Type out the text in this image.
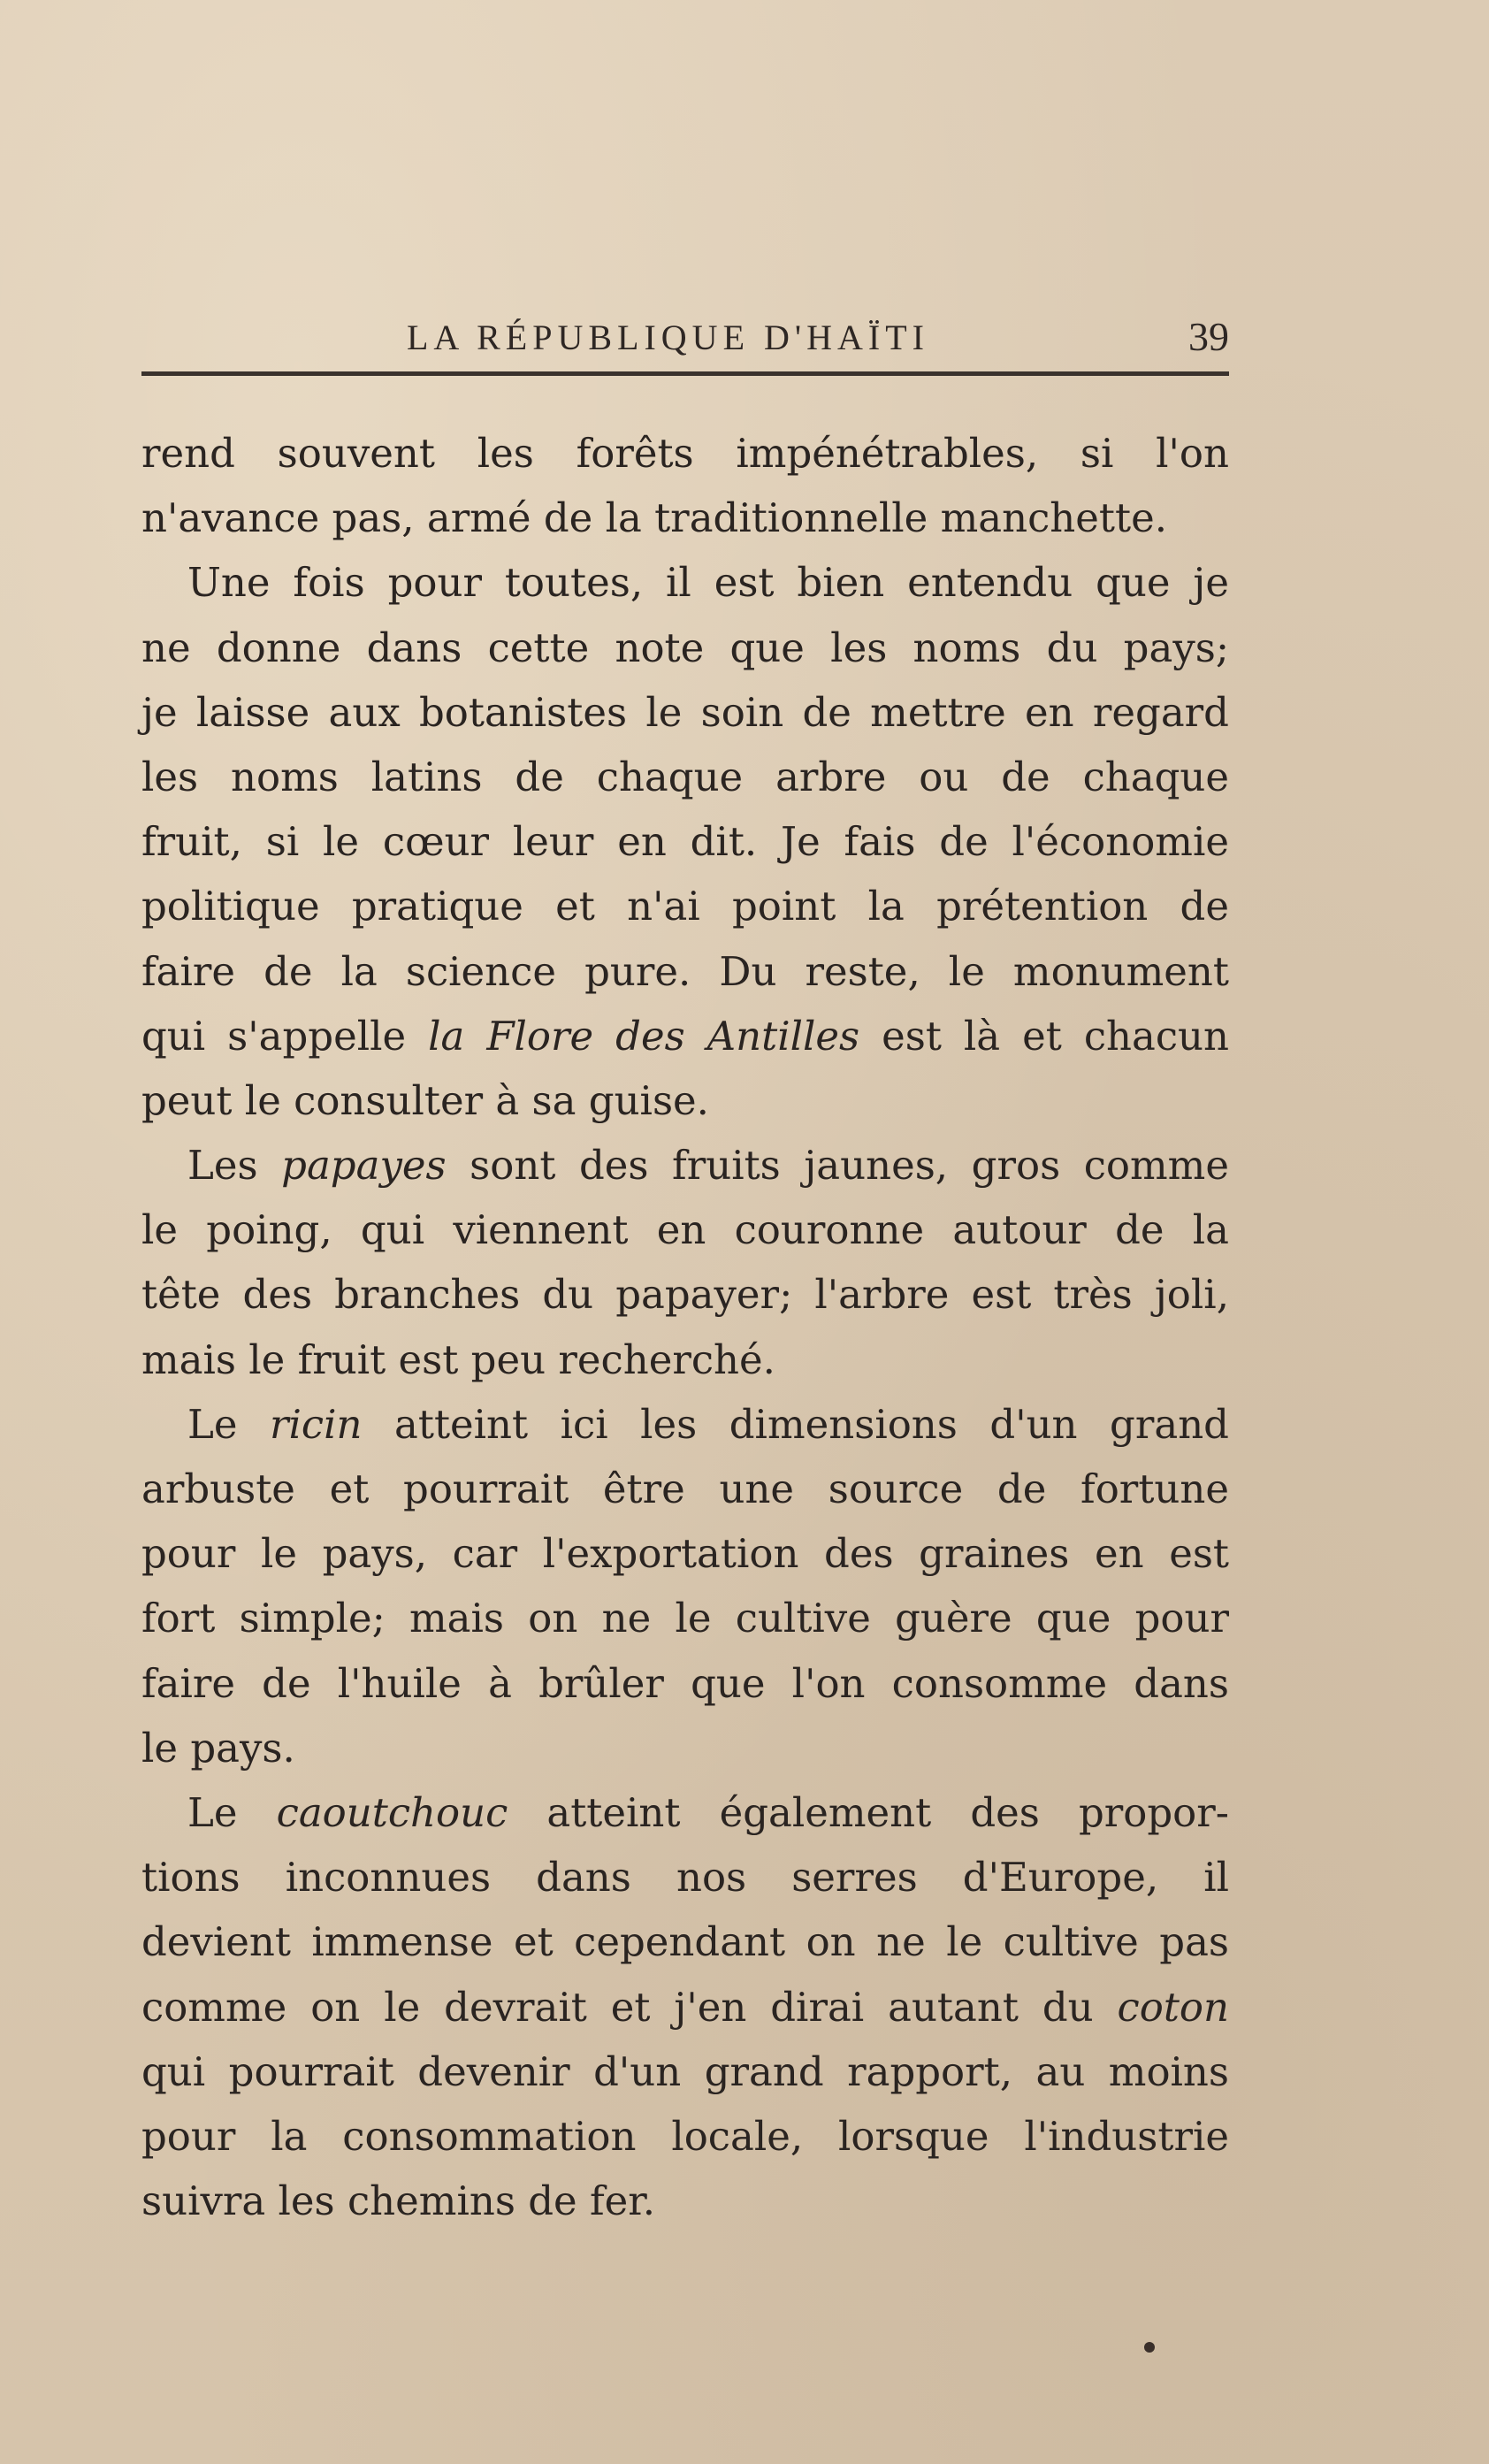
LA RÉPUBLIQUE D'HAÏTI	39
rend souvent les forêts impénétrables, si l'on
n'avance pas, armé de la traditionnelle manchette.
Une fois pour toutes, il est bien entendu que je
ne donne dans cette note que les noms du pays;
je laisse aux botanistes le soin de mettre en regard
les noms latins de chaque arbre ou de chaque
fruit, si le cœur leur en dit. Je fais de l'économie
politique pratique et n'ai point la prétention de
faire de la science pure. Du reste, le monument
qui s'appelle la Flore des Antilles est là et chacun
peut le consulter à sa guise.
Les papayes sont des fruits jaunes, gros comme
le poing, qui viennent en couronne autour de la
tête des branches du papayer; l'arbre est très joli,
mais le fruit est peu recherché.
Le ricin atteint ici les dimensions d'un grand
arbuste et pourrait être une source de fortune
pour le pays, car l'exportation des graines en est
fort simple; mais on ne le cultive guère que pour
faire de l'huile à brûler que l'on consomme dans
le pays.
Le caoutchouc atteint également des propor-
tions inconnues dans nos serres d'Europe, il
devient immense et cependant on ne le cultive pas
comme on le devrait et j'en dirai autant du coton
qui pourrait devenir d'un grand rapport, au moins
pour la consommation locale, lorsque l'industrie
suivra les chemins de fer.
